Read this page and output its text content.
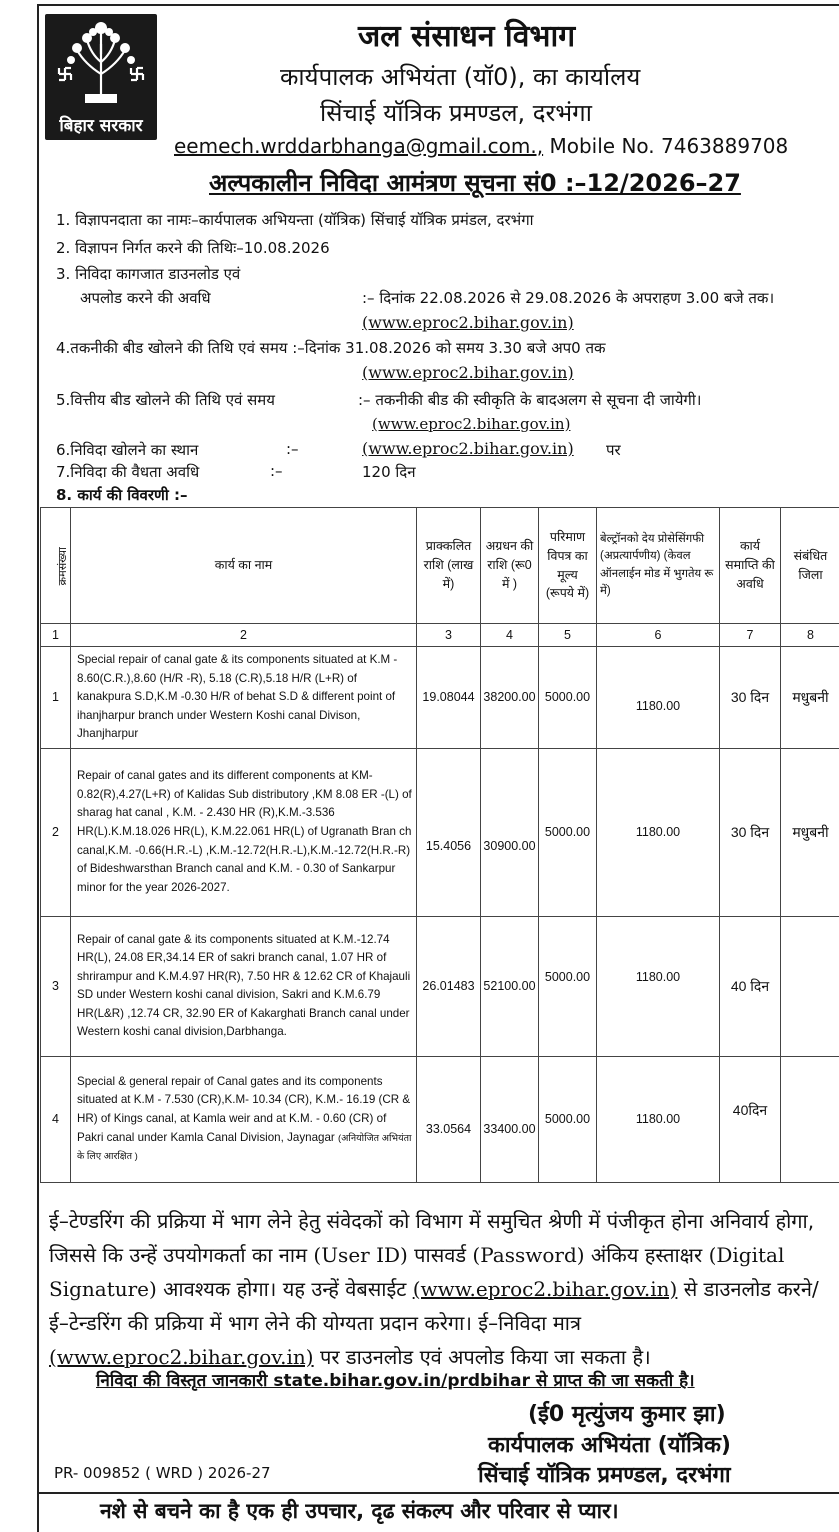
बिहार सरकार
जल संसाधन विभाग
कार्यपालक अभियंता (यॉ0), का कार्यालय
सिंचाई यॉत्रिक प्रमण्डल, दरभंगा
eemech.wrddarbhanga@gmail.com., Mobile No. 7463889708
अल्पकालीन निविदा आमंत्रण सूचना सं0 :–12/2026–27
1. विज्ञापनदाता का नामः–कार्यपालक अभियन्ता (यॉत्रिक) सिंचाई यॉत्रिक प्रमंडल, दरभंगा
2. विज्ञापन निर्गत करने की तिथिः–10.08.2026
3. निविदा कागजात डाउनलोड एवं
अपलोड करने की अवधि	:– दिनांक 22.08.2026 से 29.08.2026 के अपराहण 3.00 बजे तक।
(www.eproc2.bihar.gov.in)
4.तकनीकी बीड खोलने की तिथि एवं समय :–दिनांक 31.08.2026 को समय 3.30 बजे अप0 तक
(www.eproc2.bihar.gov.in)
5.वित्तीय बीड खोलने की तिथि एवं समय	:– तकनीकी बीड की स्वीकृति के बादअलग से सूचना दी जायेगी।
(www.eproc2.bihar.gov.in)
6.निविदा खोलने का स्थान	:–	(www.eproc2.bihar.gov.in) पर
7.निविदा की वैधता अवधि	:–	120 दिन
8. कार्य की विवरणी :–
क्रमसंख्या	कार्य का नाम	प्राक्कलित राशि (लाख में)	अग्रधन की राशि (रू0 में )	परिमाण विपत्र का मूल्य (रूपये में)	बेल्ट्रॉनको देय प्रोसेसिंगफी (अप्रत्यार्पणीय) (केवल ऑनलाईन मोड में भुगतेय रू में)	कार्य समाप्ति की अवधि	संबंधित जिला
1	2	3	4	5	6	7	8
1	Special repair of canal gate & its components situated at K.M - 8.60(C.R.),8.60 (H/R -R), 5.18 (C.R),5.18 H/R (L+R) of kanakpura S.D,K.M -0.30 H/R of behat S.D & different point of ihanjharpur branch under Western Koshi canal Divison, Jhanjharpur	19.08044	38200.00	5000.00	1180.00	30 दिन	मधुबनी
2	Repair of canal gates and its different components at KM-0.82(R),4.27(L+R) of Kalidas Sub distributory ,KM 8.08 ER -(L) of sharag hat canal , K.M. - 2.430 HR (R),K.M.-3.536 HR(L).K.M.18.026 HR(L), K.M.22.061 HR(L) of Ugranath Bran ch canal,K.M. -0.66(H.R.-L) ,K.M.-12.72(H.R.-L),K.M.-12.72(H.R.-R) of Bideshwarsthan Branch canal and K.M. - 0.30 of Sankarpur minor for the year 2026-2027.	15.4056	30900.00	5000.00	1180.00	30 दिन	मधुबनी
3	Repair of canal gate & its components situated at K.M.-12.74 HR(L), 24.08 ER,34.14 ER of sakri branch canal, 1.07 HR of shrirampur and K.M.4.97 HR(R), 7.50 HR & 12.62 CR of Khajauli SD under Western koshi canal division, Sakri and K.M.6.79 HR(L&R) ,12.74 CR, 32.90 ER of Kakarghati Branch canal under Western koshi canal division,Darbhanga.	26.01483	52100.00	5000.00	1180.00	40 दिन	
4	Special & general repair of Canal gates and its components situated at K.M - 7.530 (CR),K.M- 10.34 (CR), K.M.- 16.19 (CR & HR) of Kings canal, at Kamla weir and at K.M. - 0.60 (CR) of Pakri canal under Kamla Canal Division, Jaynagar (अनियोजित अभियंता के लिए आरक्षित )	33.0564	33400.00	5000.00	1180.00	40दिन	
ई–टेण्डरिंग की प्रक्रिया में भाग लेने हेतु संवेदकों को विभाग में समुचित श्रेणी में पंजीकृत होना अनिवार्य होगा, जिससे कि उन्हें उपयोगकर्ता का नाम (User ID) पासवर्ड (Password) अंकिय हस्ताक्षर (Digital Signature) आवश्यक होगा। यह उन्हें वेबसाईट (www.eproc2.bihar.gov.in) से डाउनलोड करने/ई–टेन्डरिंग की प्रक्रिया में भाग लेने की योग्यता प्रदान करेगा। ई–निविदा मात्र (www.eproc2.bihar.gov.in) पर डाउनलोड एवं अपलोड किया जा सकता है।
निविदा की विस्तृत जानकारी state.bihar.gov.in/prdbihar से प्राप्त की जा सकती है।
(ई0 मृत्युंजय कुमार झा)
कार्यपालक अभियंता (यॉत्रिक)
सिंचाई यॉत्रिक प्रमण्डल, दरभंगा
PR- 009852 ( WRD ) 2026-27
नशे से बचने का है एक ही उपचार, दृढ संकल्प और परिवार से प्यार।
